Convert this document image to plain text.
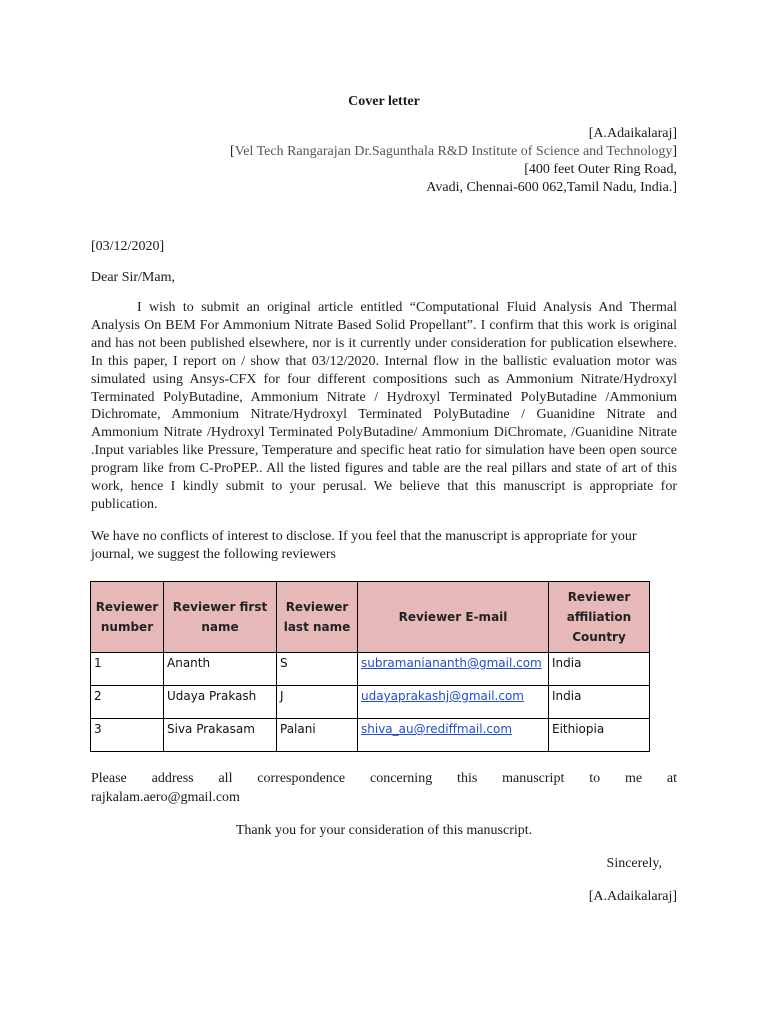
Cover letter
[A.Adaikalaraj]
[Vel Tech Rangarajan Dr.Sagunthala R&D Institute of Science and Technology]
[400 feet Outer Ring Road,
Avadi, Chennai-600 062,Tamil Nadu, India.]
[03/12/2020]
Dear Sir/Mam,
I wish to submit an original article entitled “Computational Fluid Analysis And Thermal Analysis On BEM For Ammonium Nitrate Based Solid Propellant”. I confirm that this work is original and has not been published elsewhere, nor is it currently under consideration for publication elsewhere. In this paper, I report on / show that 03/12/2020. Internal flow in the ballistic evaluation motor was simulated using Ansys-CFX for four different compositions such as Ammonium Nitrate/Hydroxyl Terminated PolyButadine, Ammonium Nitrate / Hydroxyl Terminated PolyButadine /Ammonium Dichromate, Ammonium Nitrate/Hydroxyl Terminated PolyButadine / Guanidine Nitrate and Ammonium Nitrate /Hydroxyl Terminated PolyButadine/ Ammonium DiChromate, /Guanidine Nitrate .Input variables like Pressure, Temperature and specific heat ratio for simulation have been open source program like from C-ProPEP.. All the listed figures and table are the real pillars and state of art of this work, hence I kindly submit to your perusal. We believe that this manuscript is appropriate for publication.
We have no conflicts of interest to disclose. If you feel that the manuscript is appropriate for your journal, we suggest the following reviewers
Reviewer number	Reviewer first name	Reviewer last name	Reviewer E-mail	Reviewer affiliation Country
1	Ananth	S	subramaniananth@gmail.com	India
2	Udaya Prakash	J	udayaprakashj@gmail.com	India
3	Siva Prakasam	Palani	shiva_au@rediffmail.com	Eithiopia
Please address all correspondence concerning this manuscript to me at
rajkalam.aero@gmail.com
Thank you for your consideration of this manuscript.
Sincerely,
[A.Adaikalaraj]
